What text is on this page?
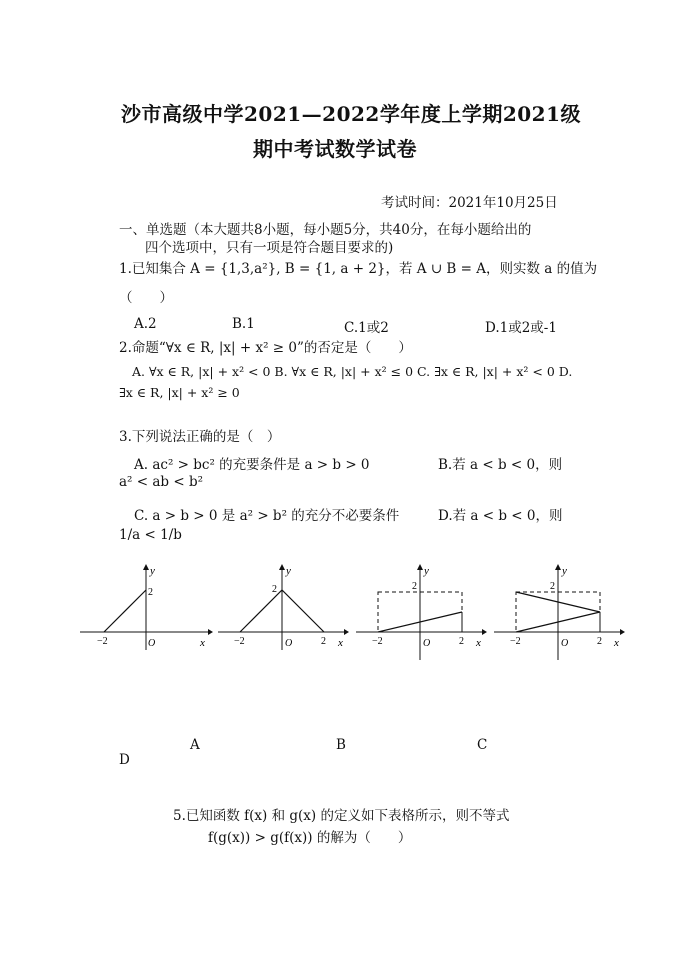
沙市高级中学2021—2022学年度上学期2021级
期中考试数学试卷
考试时间：2021年10月25日
一、单选题（本大题共8小题，每小题5分，共40分，在每小题给出的
四个选项中，只有一项是符合题目要求的)
1.已知集合 A = {1,3,a²}, B = {1, a + 2}，若 A ∪ B = A，则实数 a 的值为
（　　）
A.2	B.1	C.1或2	D.1或2或-1
2.命题“∀x ∈ R, |x| + x² ≥ 0”的否定是（　　）
A. ∀x ∈ R, |x| + x² < 0 B. ∀x ∈ R, |x| + x² ≤ 0 C. ∃x ∈ R, |x| + x² < 0 D.
∃x ∈ R, |x| + x² ≥ 0
3.下列说法正确的是（　）
A. ac² > bc² 的充要条件是 a > b > 0	B.若 a < b < 0，则
a² < ab < b²
C. a > b > 0 是 a² > b² 的充分不必要条件	D.若 a < b < 0，则
1/a < 1/b
2
−2	O	x
y
2
−2	O	2 x
y
2
−2	O	2 x
y
2
−2	O	2 x
y
A	B	C
D
5.已知函数 f(x) 和 g(x) 的定义如下表格所示，则不等式
f(g(x)) > g(f(x)) 的解为（　　）
